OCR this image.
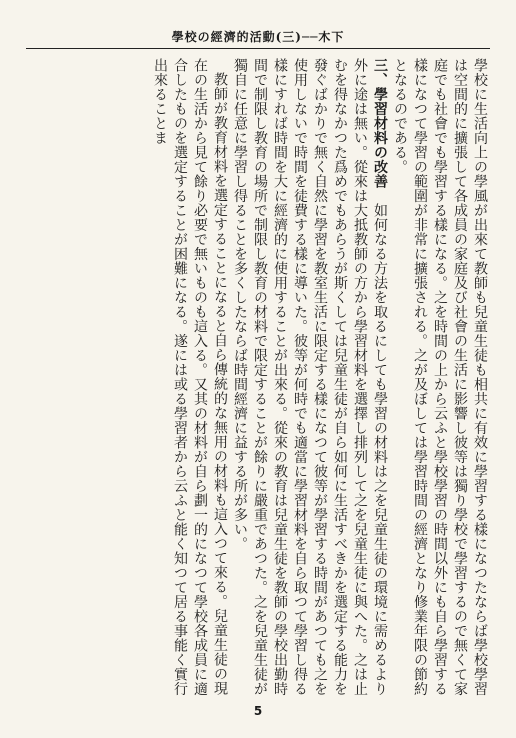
學校の經濟的活動(三)──木下

學校に生活向上の學風が出來て教師も兒童生徒も相共に有效に學習する樣になつたならば學校學習は空間的に擴張して各成員の家庭及び社會の生活に影響し彼等は獨り學校で學習するので無くて家庭でも社會でも學習する樣になる。之を時間の上から云ふと學校學習の時間以外にも自ら學習する樣になつて學習の範圍が非常に擴張される。之が及ぼしては學習時間の經濟となり修業年限の節約となるのである。

三、學習材料の改善　如何なる方法を取るにしても學習の材料は之を兒童生徒の環境に需めるより外に途は無い。從來は大抵教師の方から學習材料を選擇し排列して之を兒童生徒に與へた。之は止むを得なかつた爲めでもあらうが斯くしては兒童生徒が自ら如何に生活すべきかを選定する能力を發ぐばかりで無く自然に學習を教室生活に限定する樣になつて彼等が學習する時間があつても之を使用しないで時間を徒費する樣に導いた。彼等が何時でも適當に學習材料を自ら取つて學習し得る樣にすれば時間を大に經濟的に使用することが出來る。從來の教育は兒童生徒を教師の學校出勤時間で制限し教育の場所で制限し教育の材料で限定することが餘りに嚴重であつた。之を兒童生徒が獨自に任意に學習し得ることを多くしたならば時間經濟に益する所が多い。

教師が教育材料を選定することになると自ら傳統的な無用の材料も這入つて來る。兒童生徒の現在の生活から見て餘り必要で無いものも這入る。又其の材料が自ら劃一的になつて學校各成員に適合したものを選定することが困難になる。遂には或る學習者から云ふと能く知つて居る事能く實行出來ることま

5
